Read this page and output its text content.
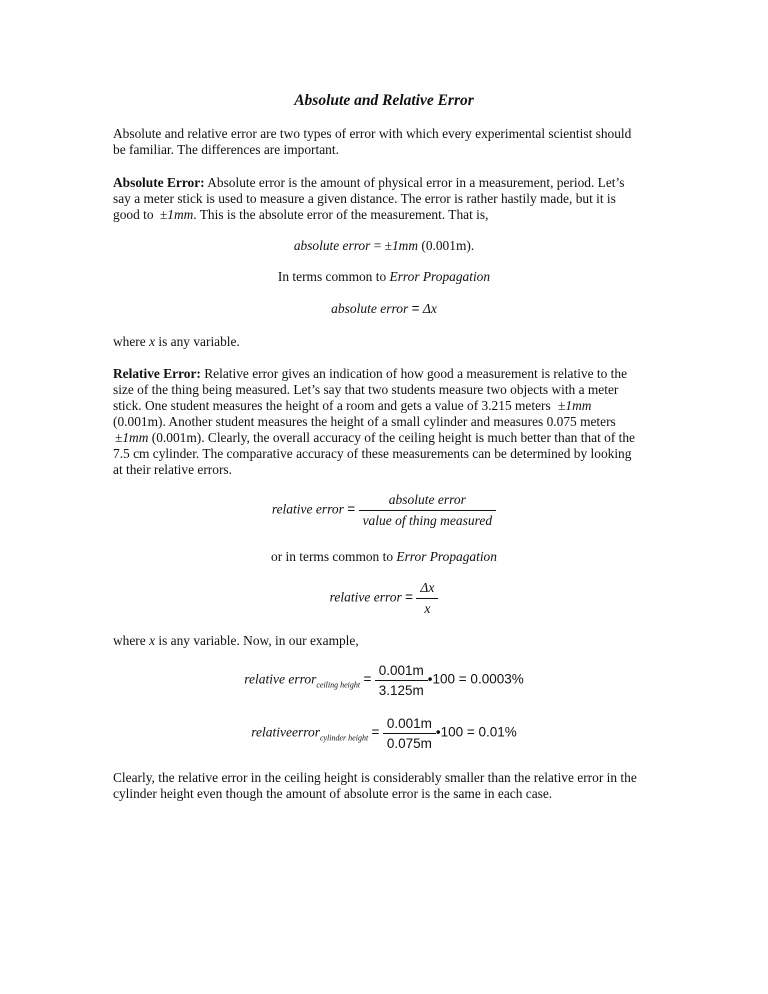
Absolute and Relative Error
Absolute and relative error are two types of error with which every experimental scientist should be familiar. The differences are important.
Absolute Error: Absolute error is the amount of physical error in a measurement, period. Let’s say a meter stick is used to measure a given distance. The error is rather hastily made, but it is good to ±1mm. This is the absolute error of the measurement. That is,
absolute error = ±1mm (0.001m).
In terms common to Error Propagation
absolute error = Δx
where x is any variable.
Relative Error: Relative error gives an indication of how good a measurement is relative to the size of the thing being measured. Let’s say that two students measure two objects with a meter stick. One student measures the height of a room and gets a value of 3.215 meters ±1mm (0.001m). Another student measures the height of a small cylinder and measures 0.075 meters ±1mm (0.001m). Clearly, the overall accuracy of the ceiling height is much better than that of the 7.5 cm cylinder. The comparative accuracy of these measurements can be determined by looking at their relative errors.
relative error = $\frac{\text{absolute error}}{\text{value of thing measured}}$
or in terms common to Error Propagation
relative error = $\frac{\Delta x}{x}$
where x is any variable. Now, in our example,
relative error$_{ceiling height}$ = $\frac{0.001m}{3.125m}$ •100 = 0.0003%
relativeerror$_{cylinder height}$ = $\frac{0.001m}{0.075m}$ •100 = 0.01%
Clearly, the relative error in the ceiling height is considerably smaller than the relative error in the cylinder height even though the amount of absolute error is the same in each case.
